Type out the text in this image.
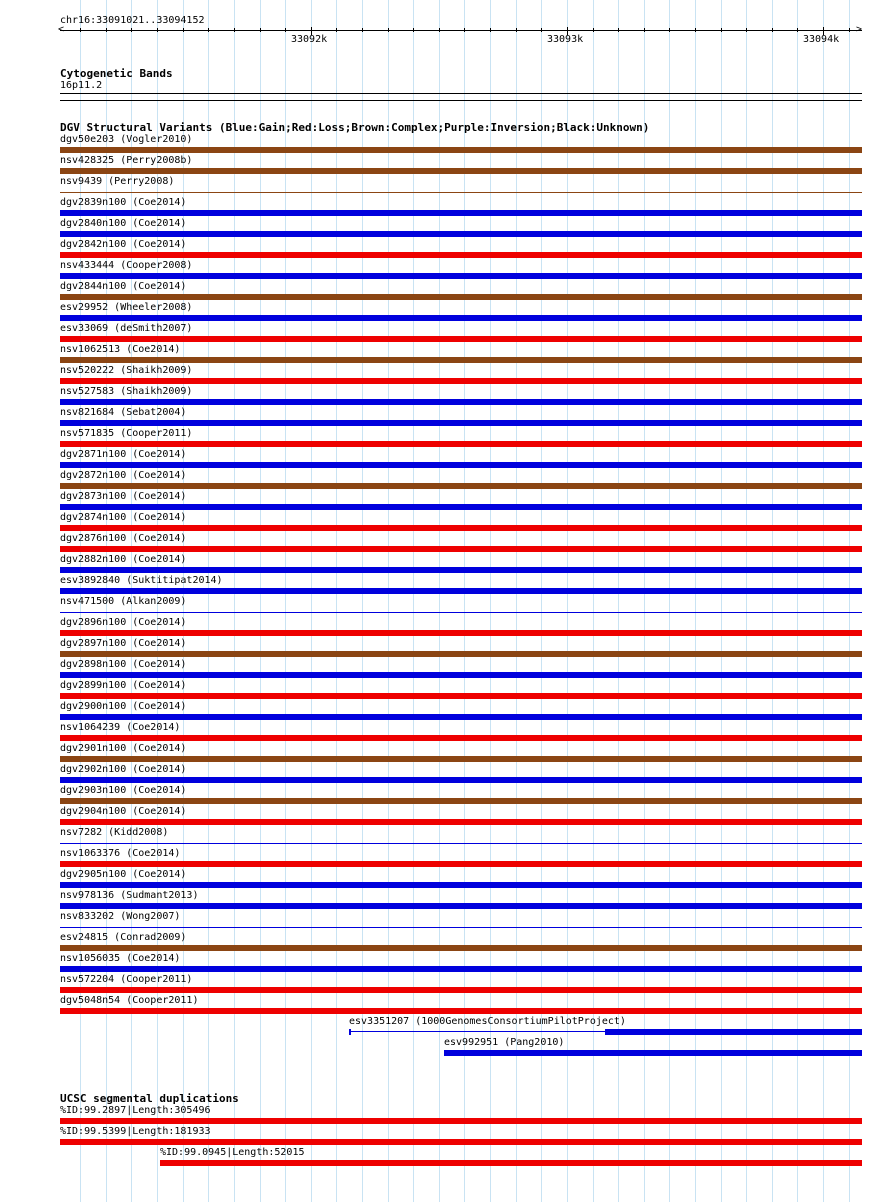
chr16:33091021..33094152
33092k	33093k	33094k
<	>
Cytogenetic Bands
16p11.2
DGV Structural Variants (Blue:Gain;Red:Loss;Brown:Complex;Purple:Inversion;Black:Unknown)
dgv50e203 (Vogler2010)
nsv428325 (Perry2008b)
nsv9439 (Perry2008)
dgv2839n100 (Coe2014)
dgv2840n100 (Coe2014)
dgv2842n100 (Coe2014)
nsv433444 (Cooper2008)
dgv2844n100 (Coe2014)
esv29952 (Wheeler2008)
esv33069 (deSmith2007)
nsv1062513 (Coe2014)
nsv520222 (Shaikh2009)
nsv527583 (Shaikh2009)
nsv821684 (Sebat2004)
nsv571835 (Cooper2011)
dgv2871n100 (Coe2014)
dgv2872n100 (Coe2014)
dgv2873n100 (Coe2014)
dgv2874n100 (Coe2014)
dgv2876n100 (Coe2014)
dgv2882n100 (Coe2014)
esv3892840 (Suktitipat2014)
nsv471500 (Alkan2009)
dgv2896n100 (Coe2014)
dgv2897n100 (Coe2014)
dgv2898n100 (Coe2014)
dgv2899n100 (Coe2014)
dgv2900n100 (Coe2014)
nsv1064239 (Coe2014)
dgv2901n100 (Coe2014)
dgv2902n100 (Coe2014)
dgv2903n100 (Coe2014)
dgv2904n100 (Coe2014)
nsv7282 (Kidd2008)
nsv1063376 (Coe2014)
dgv2905n100 (Coe2014)
nsv978136 (Sudmant2013)
nsv833202 (Wong2007)
esv24815 (Conrad2009)
nsv1056035 (Coe2014)
nsv572204 (Cooper2011)
dgv5048n54 (Cooper2011)
esv3351207 (1000GenomesConsortiumPilotProject)
esv992951 (Pang2010)
UCSC segmental duplications
%ID:99.2897|Length:305496
%ID:99.5399|Length:181933
%ID:99.0945|Length:52015
